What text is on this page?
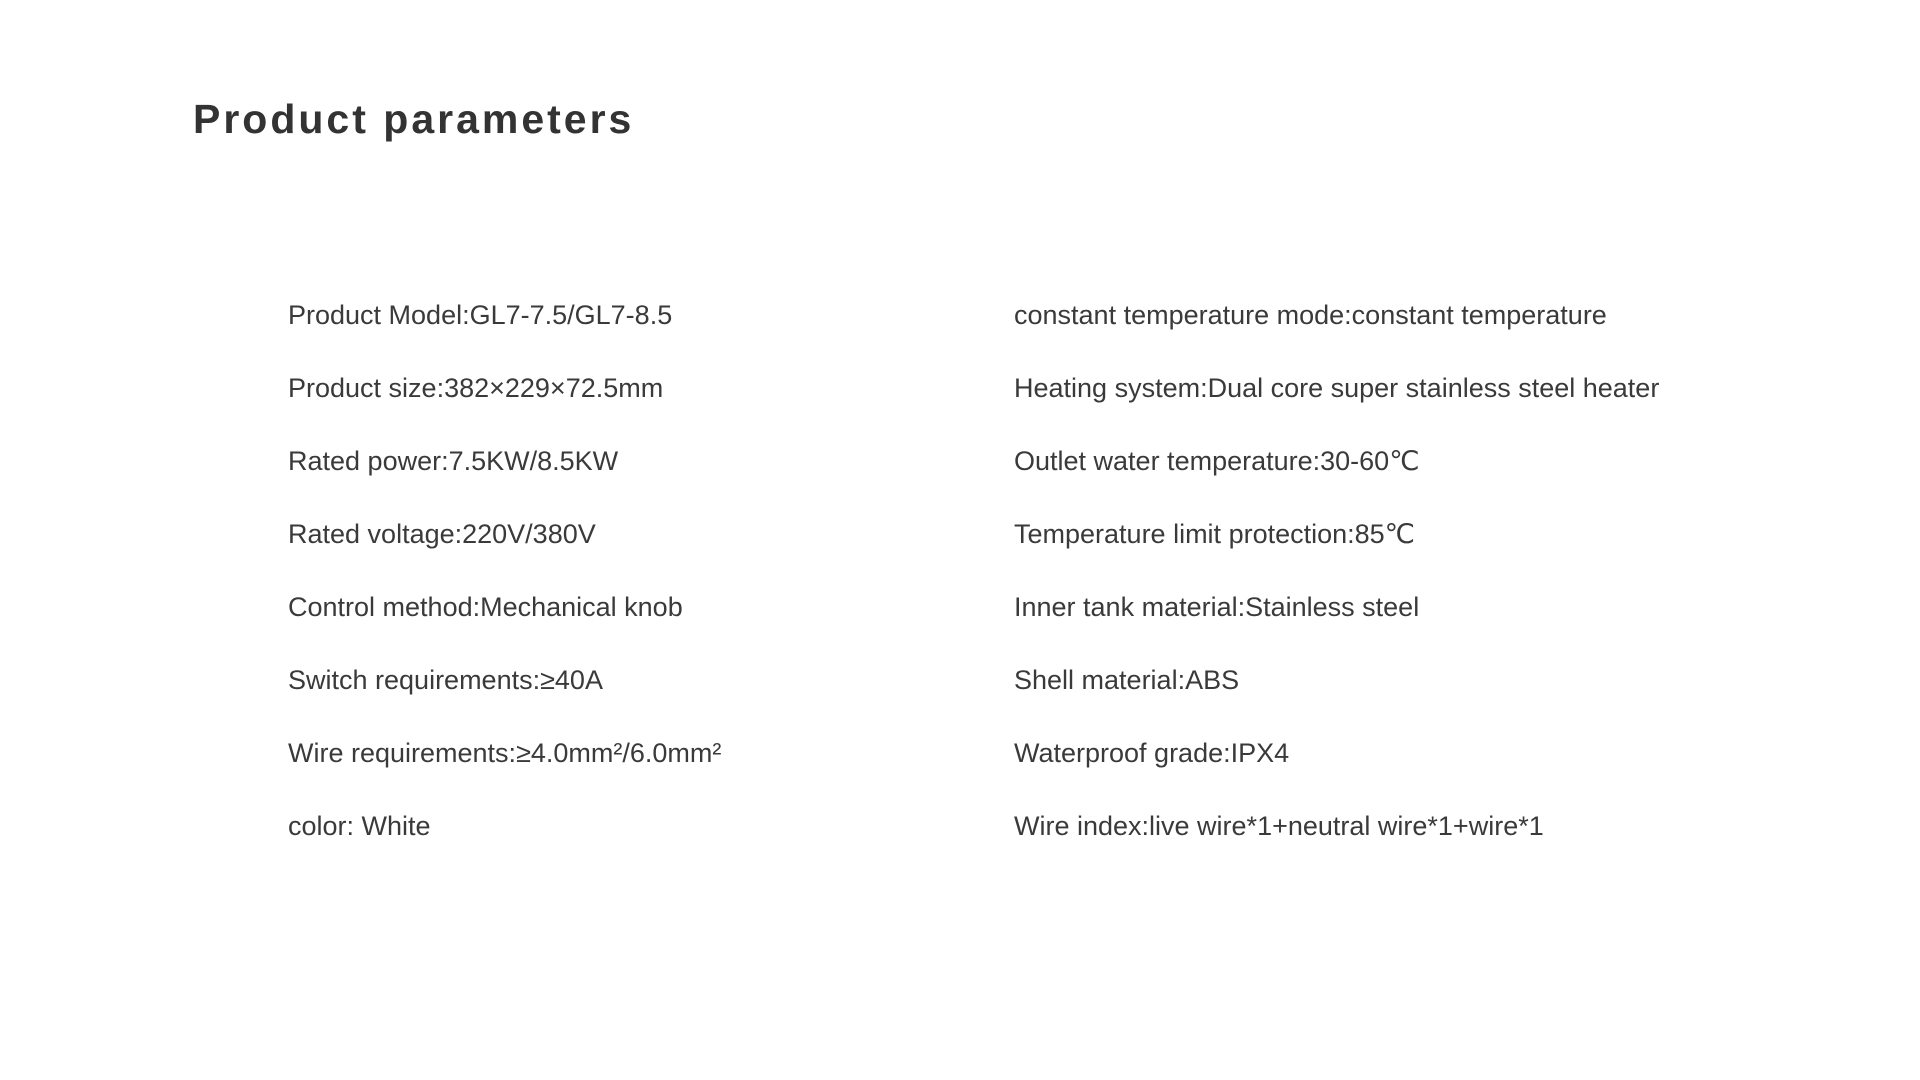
Product parameters
Product Model:GL7-7.5/GL7-8.5
Product size:382×229×72.5mm
Rated power:7.5KW/8.5KW
Rated voltage:220V/380V
Control method:Mechanical knob
Switch requirements:≥40A
Wire requirements:≥4.0mm²/6.0mm²
color: White
constant temperature mode:constant temperature
Heating system:Dual core super stainless steel heater
Outlet water temperature:30-60℃
Temperature limit protection:85℃
Inner tank material:Stainless steel
Shell material:ABS
Waterproof grade:IPX4
Wire index:live wire*1+neutral wire*1+wire*1
